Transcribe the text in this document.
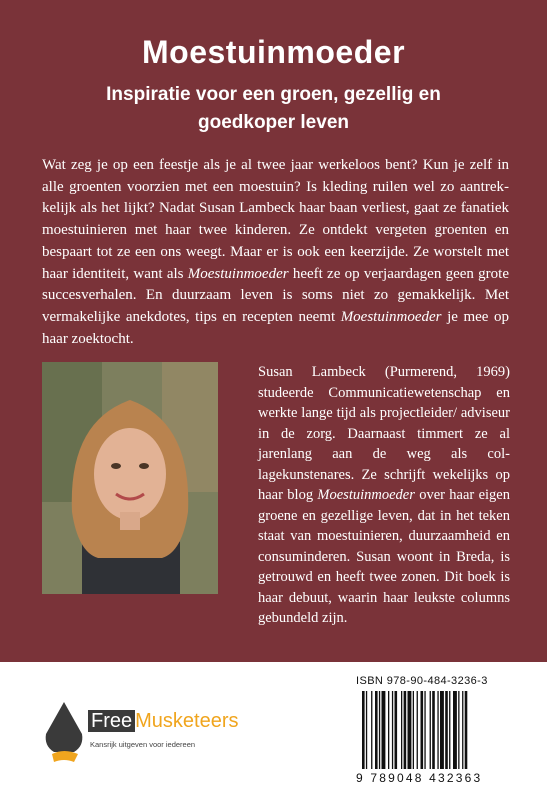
Moestuinmoeder

Inspiratie voor een groen, gezellig en goedkoper leven

Wat zeg je op een feestje als je al twee jaar werkeloos bent? Kun je zelf in alle groenten voorzien met een moestuin? Is kleding ruilen wel zo aantrekkelijk als het lijkt? Nadat Susan Lambeck haar baan verliest, gaat ze fanatiek moestuinieren met haar twee kinderen. Ze ontdekt vergeten groenten en bespaart tot ze een ons weegt. Maar er is ook een keerzijde. Ze worstelt met haar identiteit, want als Moestuinmoeder heeft ze op verjaardagen geen grote succesverhalen. En duurzaam leven is soms niet zo gemakkelijk. Met vermakelijke anekdotes, tips en recepten neemt Moestuinmoeder je mee op haar zoektocht.

Susan Lambeck (Purmerend, 1969) studeerde Communicatiewetenschap en werkte lange tijd als projectleider/ adviseur in de zorg. Daarnaast timmert ze al jarenlang aan de weg als collagekunstenares. Ze schrijft wekelijks op haar blog Moestuinmoeder over haar eigen groene en gezellige leven, dat in het teken staat van moestuinieren, duurzaamheid en consuminderen. Susan woont in Breda, is getrouwd en heeft twee zonen. Dit boek is haar debuut, waarin haar leukste columns gebundeld zijn.

Free Musketeers
Kansrijk uitgeven voor iedereen
ISBN 978-90-484-3236-3
9 789048 432363
